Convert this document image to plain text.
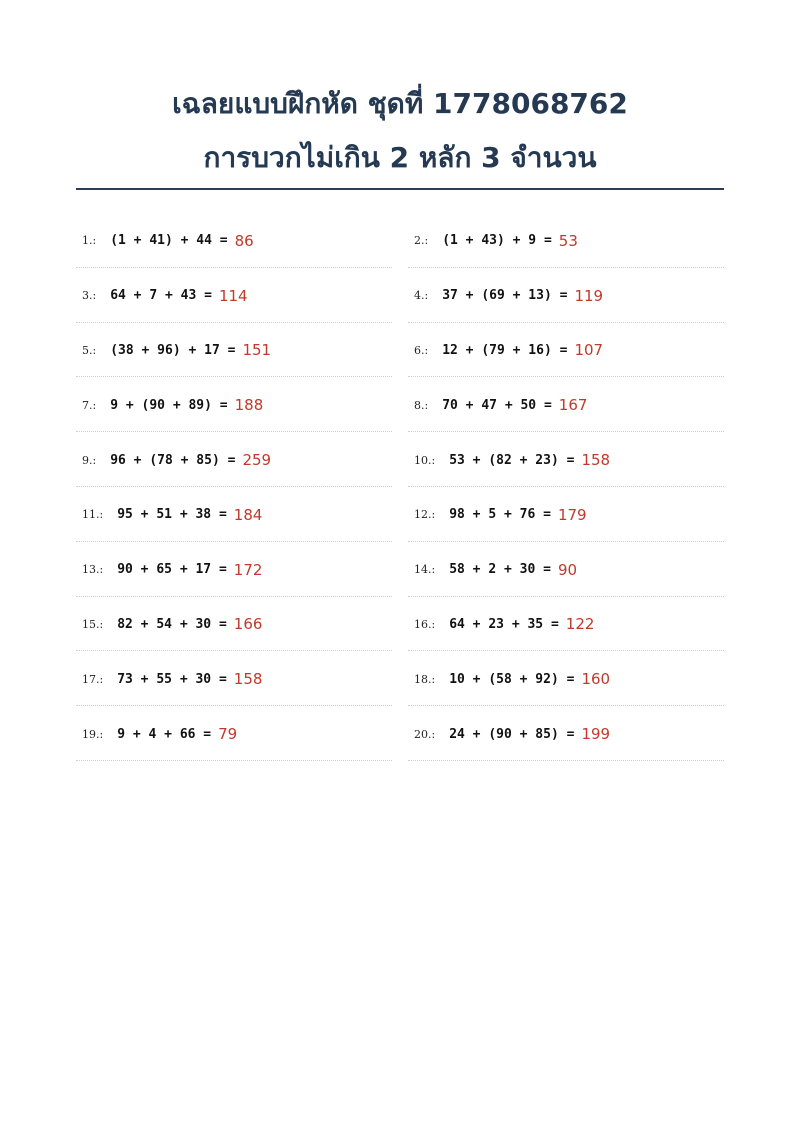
เฉลยแบบฝึกหัด ชุดที่ 1778068762
การบวกไม่เกิน 2 หลัก 3 จำนวน
1.: (1 + 41) + 44 = 86	2.: (1 + 43) + 9 = 53
3.: 64 + 7 + 43 = 114	4.: 37 + (69 + 13) = 119
5.: (38 + 96) + 17 = 151	6.: 12 + (79 + 16) = 107
7.: 9 + (90 + 89) = 188	8.: 70 + 47 + 50 = 167
9.: 96 + (78 + 85) = 259	10.: 53 + (82 + 23) = 158
11.: 95 + 51 + 38 = 184	12.: 98 + 5 + 76 = 179
13.: 90 + 65 + 17 = 172	14.: 58 + 2 + 30 = 90
15.: 82 + 54 + 30 = 166	16.: 64 + 23 + 35 = 122
17.: 73 + 55 + 30 = 158	18.: 10 + (58 + 92) = 160
19.: 9 + 4 + 66 = 79	20.: 24 + (90 + 85) = 199
